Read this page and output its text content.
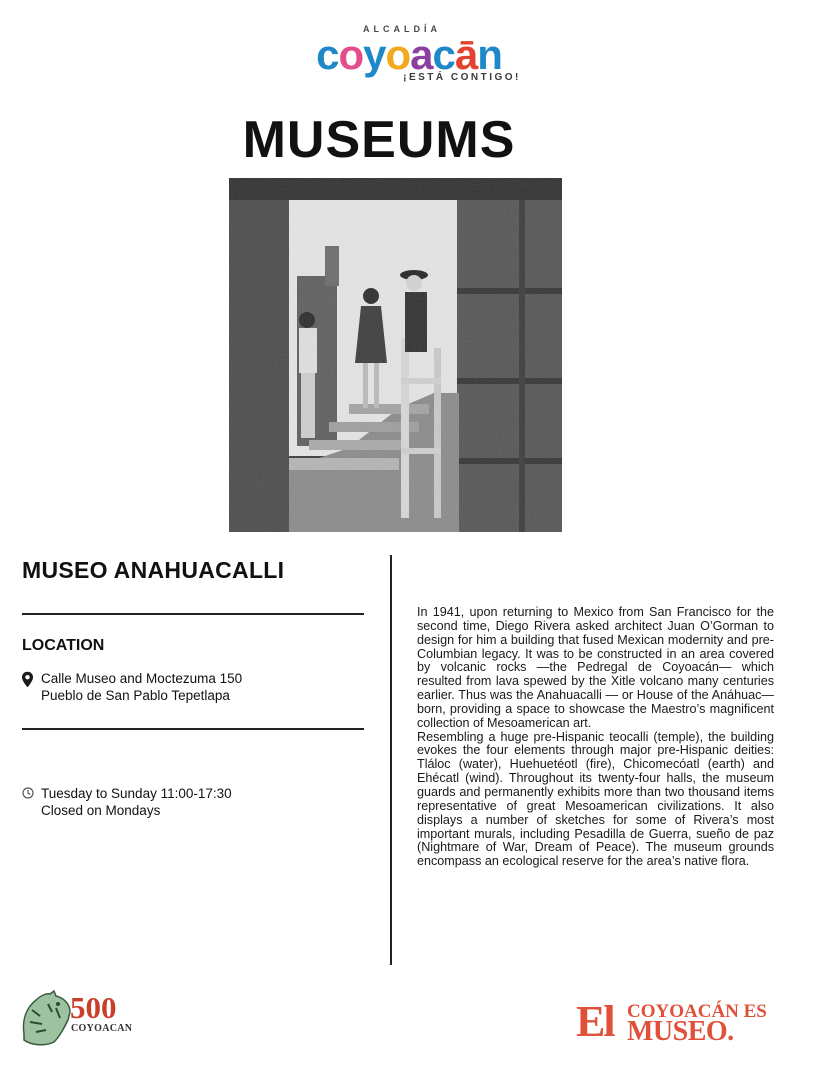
ALCALDÍA
coyoacān
¡ESTÁ CONTIGO!
MUSEUMS
MUSEO ANAHUACALLI
LOCATION
Calle Museo and Moctezuma 150
Pueblo de San Pablo Tepetlapa
Tuesday to Sunday 11:00-17:30
Closed on Mondays

In 1941, upon returning to Mexico from San Francisco for the second time, Diego Rivera asked architect Juan O’Gorman to design for him a building that fused Mexican modernity and pre-Columbian legacy. It was to be constructed in an area covered by volcanic rocks —the Pedregal de Coyoacán— which resulted from lava spewed by the Xitle volcano many centuries earlier. Thus was the Anahuacalli — or House of the Anáhuac— born, providing a space to showcase the Maestro’s magnificent collection of Mesoamerican art.

Resembling a huge pre-Hispanic teocalli (temple), the building evokes the four elements through major pre-Hispanic deities: Tláloc (water), Huehuetéotl (fire), Chicomecóatl (earth) and Ehécatl (wind). Throughout its twenty-four halls, the museum guards and permanently exhibits more than two thousand items representative of great Mesoamerican civilizations. It also displays a number of sketches for some of Rivera’s most important murals, including Pesadilla de Guerra, sueño de paz (Nightmare of War, Dream of Peace). The museum grounds encompass an ecological reserve for the area’s native flora.

500
COYOACAN	El COYOACÁN ES
MUSEO.
